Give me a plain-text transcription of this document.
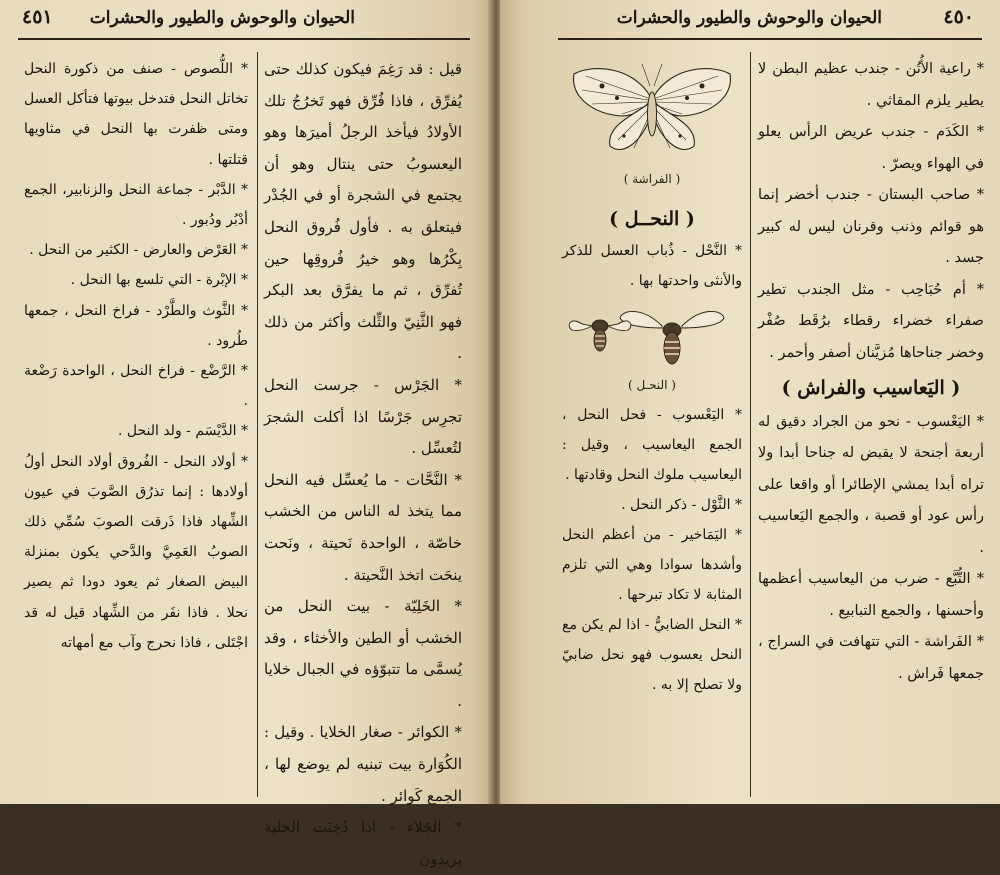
الحيوان والوحوش والطيور والحشرات
٤٥١

قيل : قد رَغِمَ فيكون كذلك حتى يُفرِّق ، فاذا فُرِّق فهو تَخرُجُ تلك الأولادُ فيأخذ الرجلُ أميرَها وهو اليعسوبُ حتى ينتال وهو أن يجتمع في الشجرة أو في الجُدْر فيتعلق به . فأول فُروق النحل بِكْرُها وهو خيرُ فُروقِها حين تُفرِّق ، ثم ما يفرَّق بعد البكر فهو الثَّنِيّ والثِّلث وأكثر من ذلك .

* الجَرْس - جرست النحل تجرِس جَرْسًا اذا أكلت الشجرَ لتُعسِّل .

* النَّحَّات - ما يُعسِّل فيه النحل مما يتخذ له الناس من الخشب خاصّة ، الواحدة نَحيتة ، ونَحت ينحَت اتخذ النَّحيتة .

* الخَلِيّة - بيت النحل من الخشب أو الطين والأخثاء ، وقد يُسمَّى ما تتبوّؤه في الجبال خلايا .

* الكوائر - صغار الخلايا . وقيل : الكُوَارة بيت تبنيه لم يوضع لها ، الجمع كَوائر .

* الجَلاء - اذا دُخِنَت الخلية يريدون

* اللُّصوص - صنف من ذكورة النحل تخاتل النحل فتدخل بيوتها فتأكل العسل ومتى ظفرت بها النحل في مثاويها قتلتها .

* الدَّبْر - جماعة النحل والزنابير، الجمع أدْبُر ودُبور .

* العَرْض والعارض - الكثير من النحل .

* الإبْرة - التي تلسع بها النحل .

* الثَّوث والطَّرْد - فراخ النحل ، جمعها طُرود .

* الرَّضْع - فراخ النحل ، الواحدة رَضْعة .

* الدَّيْسَم - ولد النحل .

* أولاد النحل - الفُروق أولاد النحل أولُ أولادها : إنما تذرُق الصَّوبَ في عيون الشِّهاد فاذا ذَرقت الصوبَ سُمِّي ذلك الصوبُ العَمِيَّ والدَّحي يكون بمنزلة البيض الصغار ثم يعود دودا ثم يصير نحلا . فاذا نفَر من الشِّهاد قيل له قد اجْتَلى ، فاذا نحرج وآب مع أمهاته

الحيوان والوحوش والطيور والحشرات	٤٥٠

* راعية الأُتُن - جندب عظيم البطن لا يطير يلزم المقاثي .

* الكَدَم - جندب عريض الرأس يعلو في الهواء ويصرّ .

* صاحب البستان - جندب أخضر إنما هو قوائم وذنب وقرنان ليس له كبير جسد .

* أم حُبَاحِب - مثل الجندب تطير صفراء خضراء رقطاء برُقَط صُفْر وخضر جناحاها مُزيَّنان أصفر وأحمر .

( اليَعاسيب والفراش )

* اليَعْسوب - نحو من الجراد دقيق له أربعة أجنحة لا يقبض له جناحا أبدا ولا تراه أبدا يمشي الإطائرا أو واقعا على رأس عود أو قصبة ، والجمع اليَعاسيب .

* التُّبَّع - ضرب من اليعاسيب أعظمها وأحسنها ، والجمع التبابيع .

* الفَراشة - التي تتهافت في السراج ، جمعها فَراش .

( الفراشة )
( النحــل )

* النَّحْل - ذُباب العسل للذكر والأنثى واحدتها بها .

( النحـل )

* اليَعْسوب - فحل النحل ، الجمع اليعاسيب ، وقيل : اليعاسيب ملوك النحل وقادتها .

* الثَّوْل - ذكر النحل .

* اليَمَاخير - من أعظم النحل وأشدها سوادا وهي التي تلزم المثابة لا تكاد تبرحها .

* النحل الضابيُّ - اذا لم يكن مع النحل يعسوب فهو نحل ضابيّ ولا تصلح إلا به .
